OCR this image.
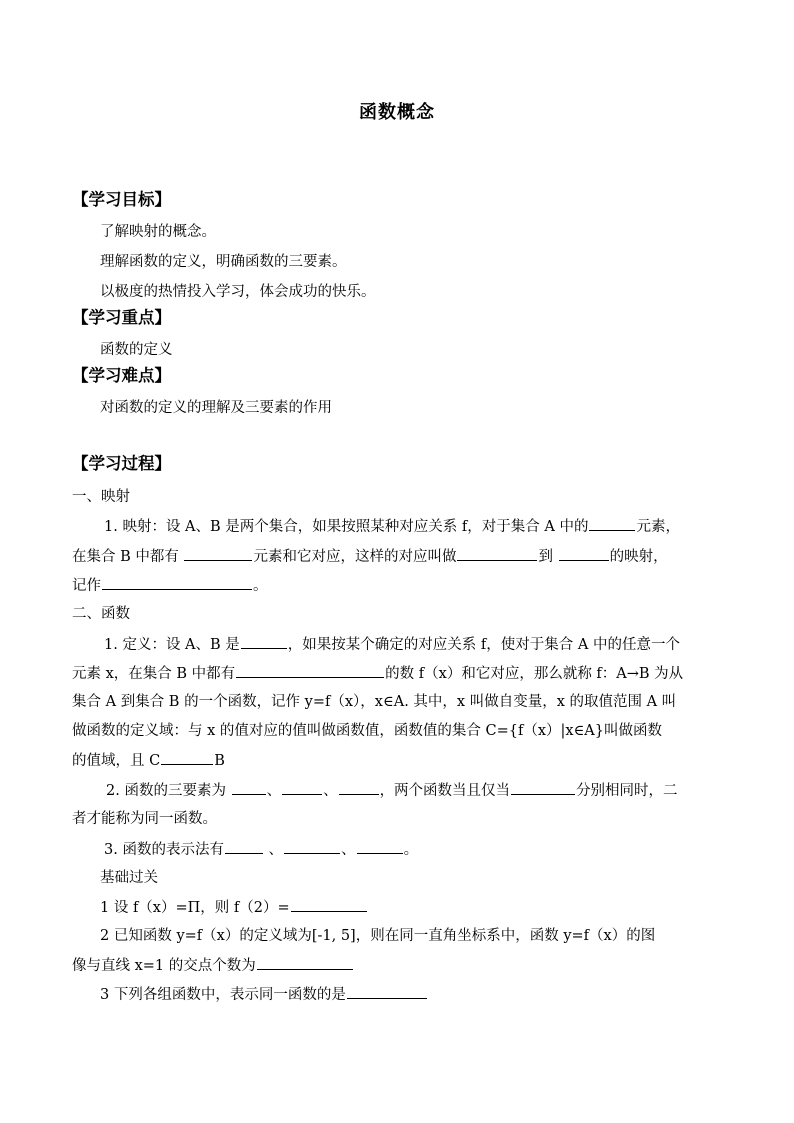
函数概念
【学习目标】
了解映射的概念。
理解函数的定义，明确函数的三要素。
以极度的热情投入学习，体会成功的快乐。
【学习重点】
函数的定义
【学习难点】
对函数的定义的理解及三要素的作用
【学习过程】
一、映射
1. 映射：设 A、B 是两个集合，如果按照某种对应关系 f，对于集合 A 中的	元素，
在集合 B 中都有	元素和它对应，这样的对应叫做	到	的映射，
记作	。
二、函数
1. 定义：设 A、B 是	，如果按某个确定的对应关系 f，使对于集合 A 中的任意一个
元素 x，在集合 B 中都有	的数 f（x）和它对应，那么就称 f：A→B 为从
集合 A 到集合 B 的一个函数，记作 y=f（x），x∈A. 其中，x 叫做自变量，x 的取值范围 A 叫
做函数的定义域：与 x 的值对应的值叫做函数值，函数值的集合 C={f（x）|x∈A}叫做函数
的值域，且 C	B
2. 函数的三要素为 、	、	，两个函数当且仅当	分别相同时，二
者才能称为同一函数。
3. 函数的表示法有	、	、	。
基础过关
1 设 f（x）=Π，则 f（2）=
2 已知函数 y=f（x）的定义域为[-1, 5]，则在同一直角坐标系中，函数 y=f（x）的图
像与直线 x=1 的交点个数为
3 下列各组函数中，表示同一函数的是
